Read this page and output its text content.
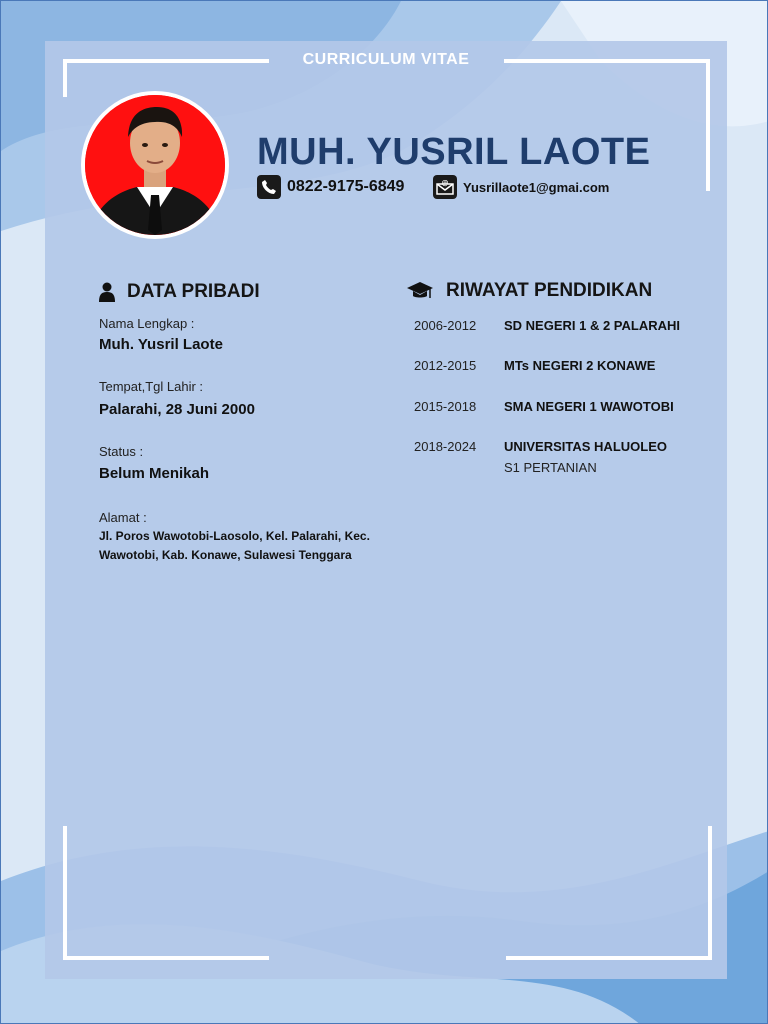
CURRICULUM VITAE
MUH. YUSRIL LAOTE
0822-9175-6849	@ Yusrillaote1@gmai.com
DATA PRIBADI
Nama Lengkap :
Muh. Yusril Laote
Tempat,Tgl Lahir :
Palarahi, 28 Juni 2000
Status :
Belum Menikah
Alamat :
Jl. Poros Wawotobi-Laosolo, Kel. Palarahi, Kec. Wawotobi, Kab. Konawe, Sulawesi Tenggara
RIWAYAT PENDIDIKAN
2006-2012 SD NEGERI 1 & 2 PALARAHI
2012-2015 MTs NEGERI 2 KONAWE
2015-2018 SMA NEGERI 1 WAWOTOBI
2018-2024 UNIVERSITAS HALUOLEO
S1 PERTANIAN
